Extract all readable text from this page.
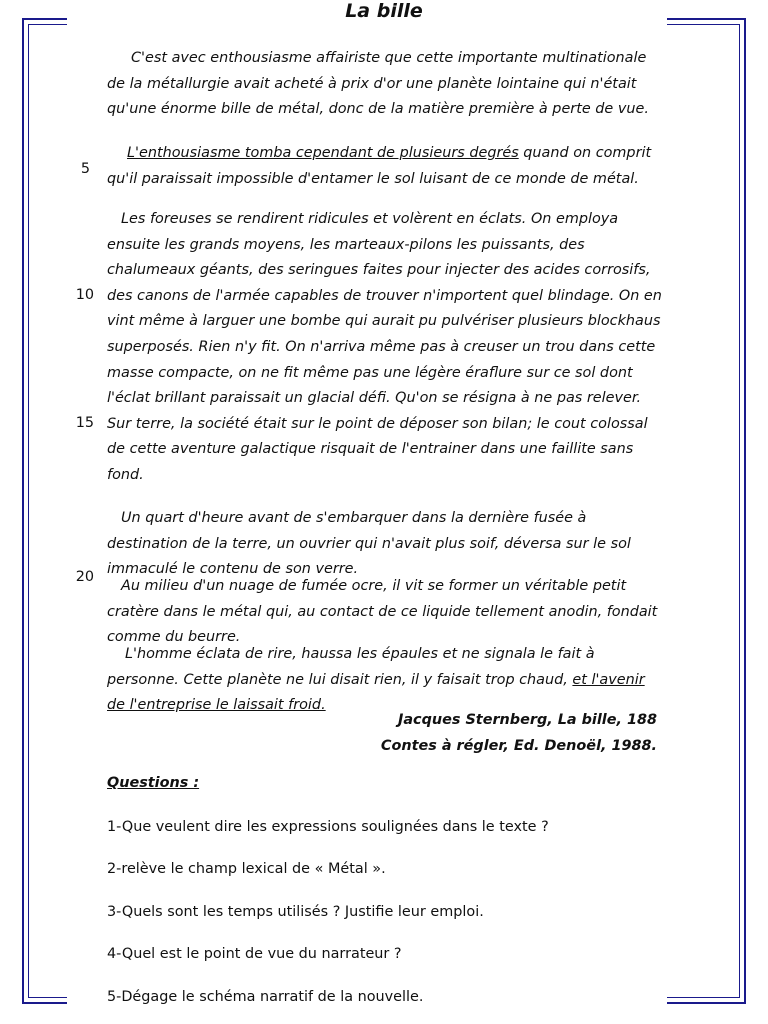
La bille
5
10
15
20

C'est avec enthousiasme affairiste que cette importante multinationale de la métallurgie avait acheté à prix d'or une planète lointaine qui n'était qu'une énorme bille de métal, donc de la matière première à perte de vue.

L'enthousiasme tomba cependant de plusieurs degrés quand on comprit qu'il paraissait impossible d'entamer le sol luisant de ce monde de métal.

Les foreuses se rendirent ridicules et volèrent en éclats. On employa ensuite les grands moyens, les marteaux-pilons les puissants, des chalumeaux géants, des seringues faites pour injecter des acides corrosifs, des canons de l'armée capables de trouver n'importent quel blindage. On en vint même à larguer une bombe qui aurait pu pulvériser plusieurs blockhaus superposés. Rien n'y fit. On n'arriva même pas à creuser un trou dans cette masse compacte, on ne fit même pas une légère éraflure sur ce sol dont l'éclat brillant paraissait un glacial défi. Qu'on se résigna à ne pas relever. Sur terre, la société était sur le point de déposer son bilan; le cout colossal de cette aventure galactique risquait de l'entrainer dans une faillite sans fond.

Un quart d'heure avant de s'embarquer dans la dernière fusée à destination de la terre, un ouvrier qui n'avait plus soif, déversa sur le sol immaculé le contenu de son verre.

Au milieu d'un nuage de fumée ocre, il vit se former un véritable petit cratère dans le métal qui, au contact de ce liquide tellement anodin, fondait comme du beurre.

L'homme éclata de rire, haussa les épaules et ne signala le fait à personne. Cette planète ne lui disait rien, il y faisait trop chaud, et l'avenir de l'entreprise le laissait froid.

Jacques Sternberg, La bille, 188
Contes à régler, Ed. Denoël, 1988.
Questions :
1-Que veulent dire les expressions soulignées dans le texte ?
2-relève le champ lexical de « Métal ».
3-Quels sont les temps utilisés ? Justifie leur emploi.
4-Quel est le point de vue du narrateur ?
5-Dégage le schéma narratif de la nouvelle.
